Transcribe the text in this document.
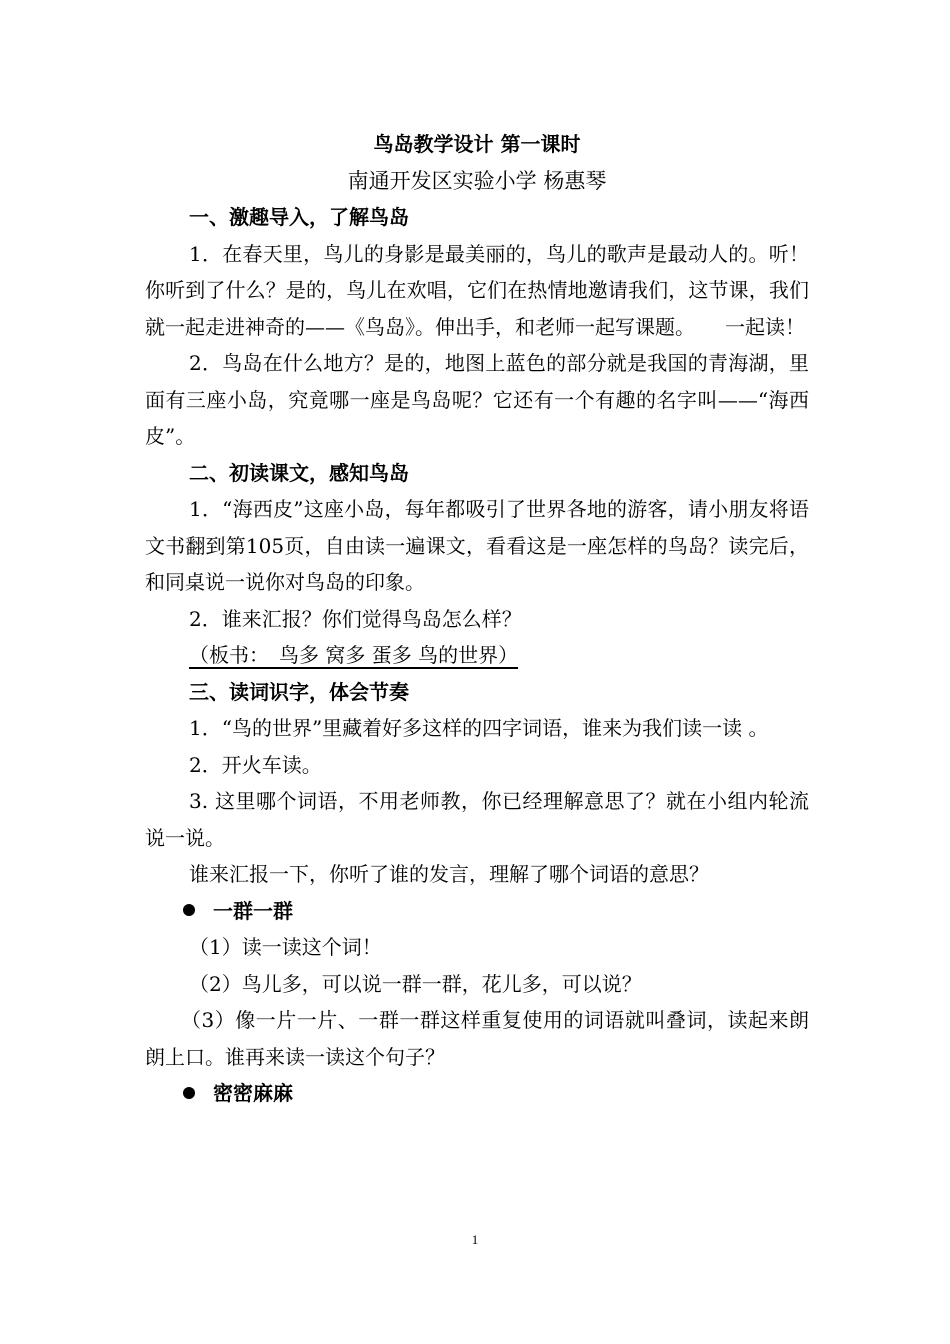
鸟岛教学设计 第一课时

南通开发区实验小学 杨惠琴

一、激趣导入，了解鸟岛

1．在春天里，鸟儿的身影是最美丽的，鸟儿的歌声是最动人的。听！你听到了什么？是的，鸟儿在欢唱，它们在热情地邀请我们，这节课，我们就一起走进神奇的——《鸟岛》。伸出手，和老师一起写课题。　　一起读！

2．鸟岛在什么地方？是的，地图上蓝色的部分就是我国的青海湖，里面有三座小岛，究竟哪一座是鸟岛呢？它还有一个有趣的名字叫——“海西皮”。

二、初读课文，感知鸟岛

1．“海西皮”这座小岛，每年都吸引了世界各地的游客，请小朋友将语文书翻到第105页，自由读一遍课文，看看这是一座怎样的鸟岛？读完后，和同桌说一说你对鸟岛的印象。

2．谁来汇报？你们觉得鸟岛怎么样？

（板书：　鸟多 窝多 蛋多 鸟的世界）

三、读词识字，体会节奏

1．“鸟的世界”里藏着好多这样的四字词语，谁来为我们读一读 。

2．开火车读。

3. 这里哪个词语，不用老师教，你已经理解意思了？就在小组内轮流说一说。

谁来汇报一下，你听了谁的发言，理解了哪个词语的意思？

一群一群

（1）读一读这个词！

（2）鸟儿多，可以说一群一群，花儿多，可以说？

（3）像一片一片、一群一群这样重复使用的词语就叫叠词，读起来朗朗上口。谁再来读一读这个句子？

密密麻麻

1
